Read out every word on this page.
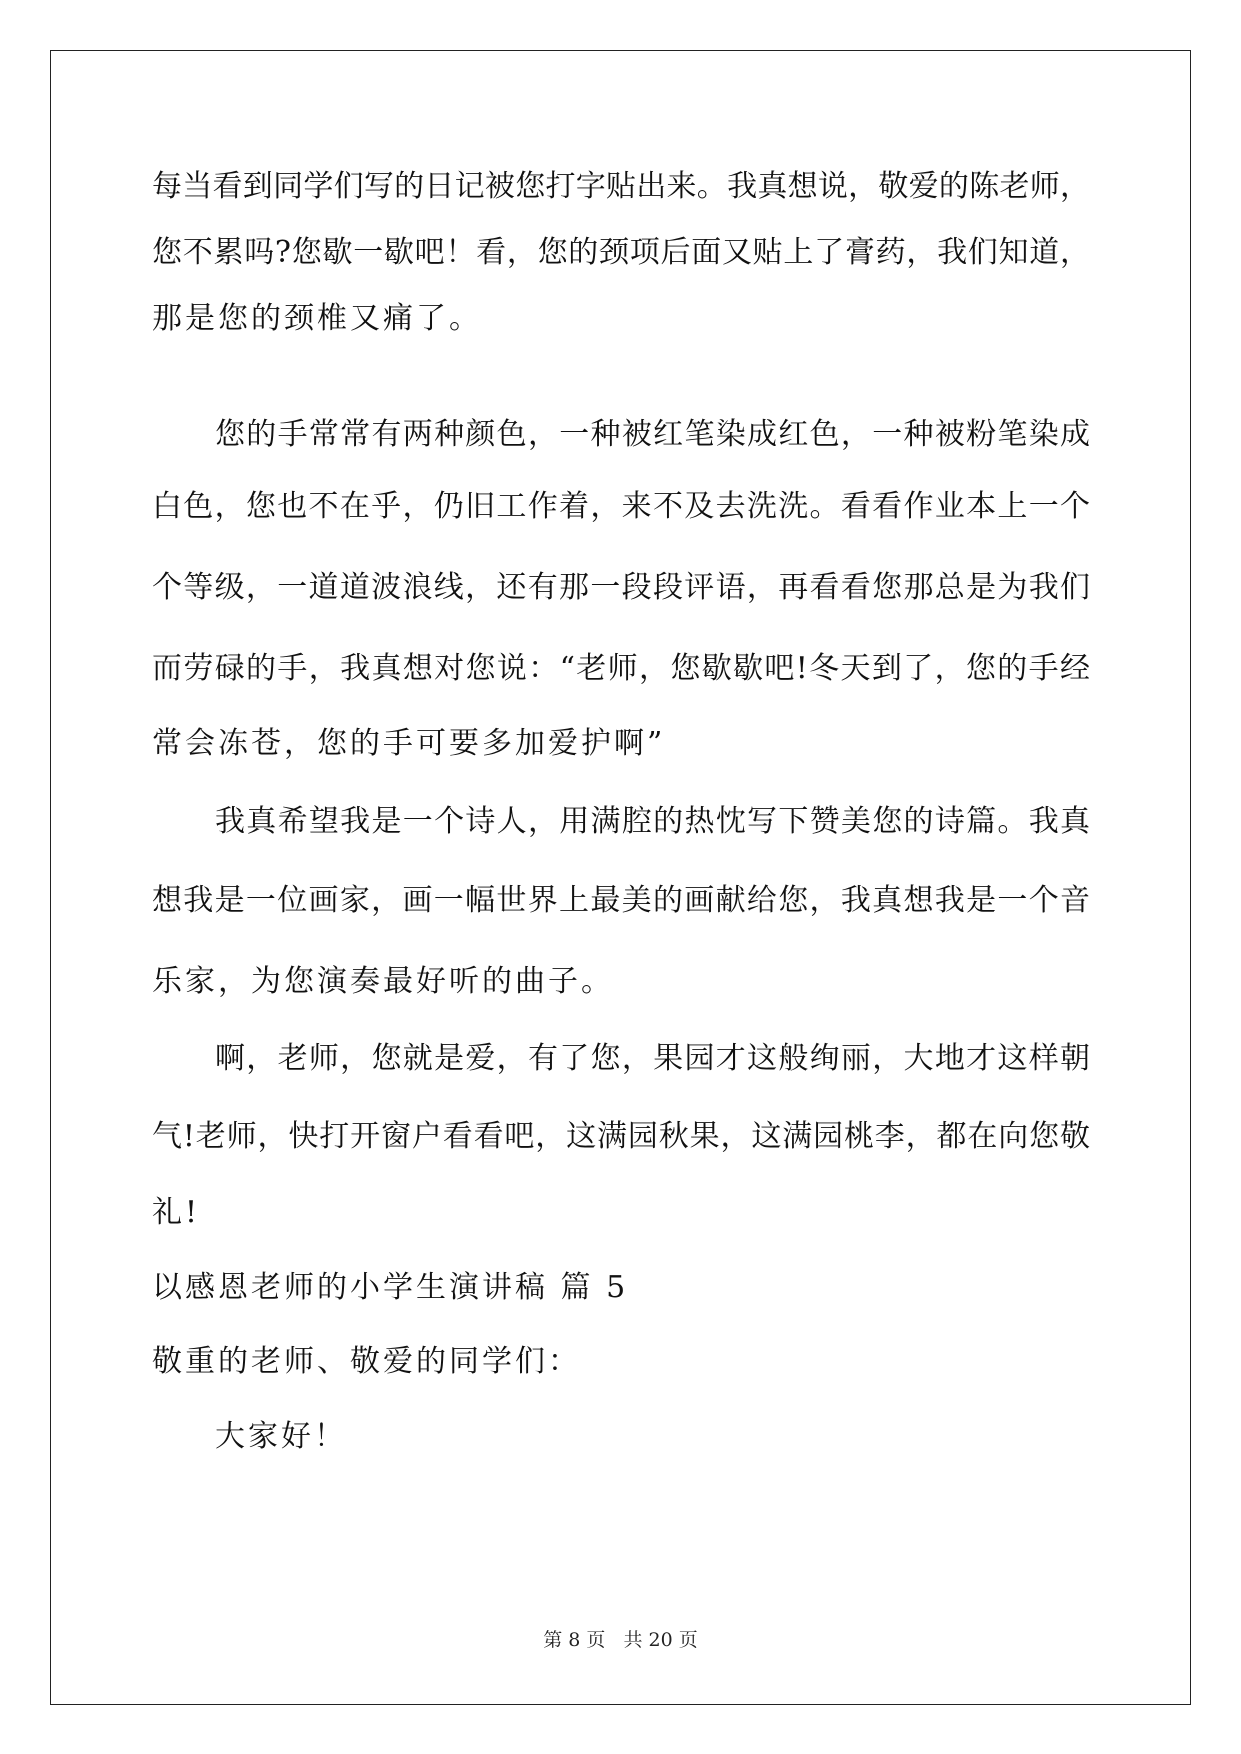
每当看到同学们写的日记被您打字贴出来。我真想说，敬爱的陈老师，
您不累吗?您歇一歇吧！看，您的颈项后面又贴上了膏药，我们知道，
那是您的颈椎又痛了。
您的手常常有两种颜色，一种被红笔染成红色，一种被粉笔染成
白色，您也不在乎，仍旧工作着，来不及去洗洗。看看作业本上一个
个等级，一道道波浪线，还有那一段段评语，再看看您那总是为我们
而劳碌的手，我真想对您说：“老师，您歇歇吧!冬天到了，您的手经
常会冻苍，您的手可要多加爱护啊”
我真希望我是一个诗人，用满腔的热忱写下赞美您的诗篇。我真
想我是一位画家，画一幅世界上最美的画献给您，我真想我是一个音
乐家，为您演奏最好听的曲子。
啊，老师，您就是爱，有了您，果园才这般绚丽，大地才这样朝
气!老师，快打开窗户看看吧，这满园秋果，这满园桃李，都在向您敬
礼!
以感恩老师的小学生演讲稿 篇 5
敬重的老师、敬爱的同学们：
大家好！
第 8 页 共 20 页
